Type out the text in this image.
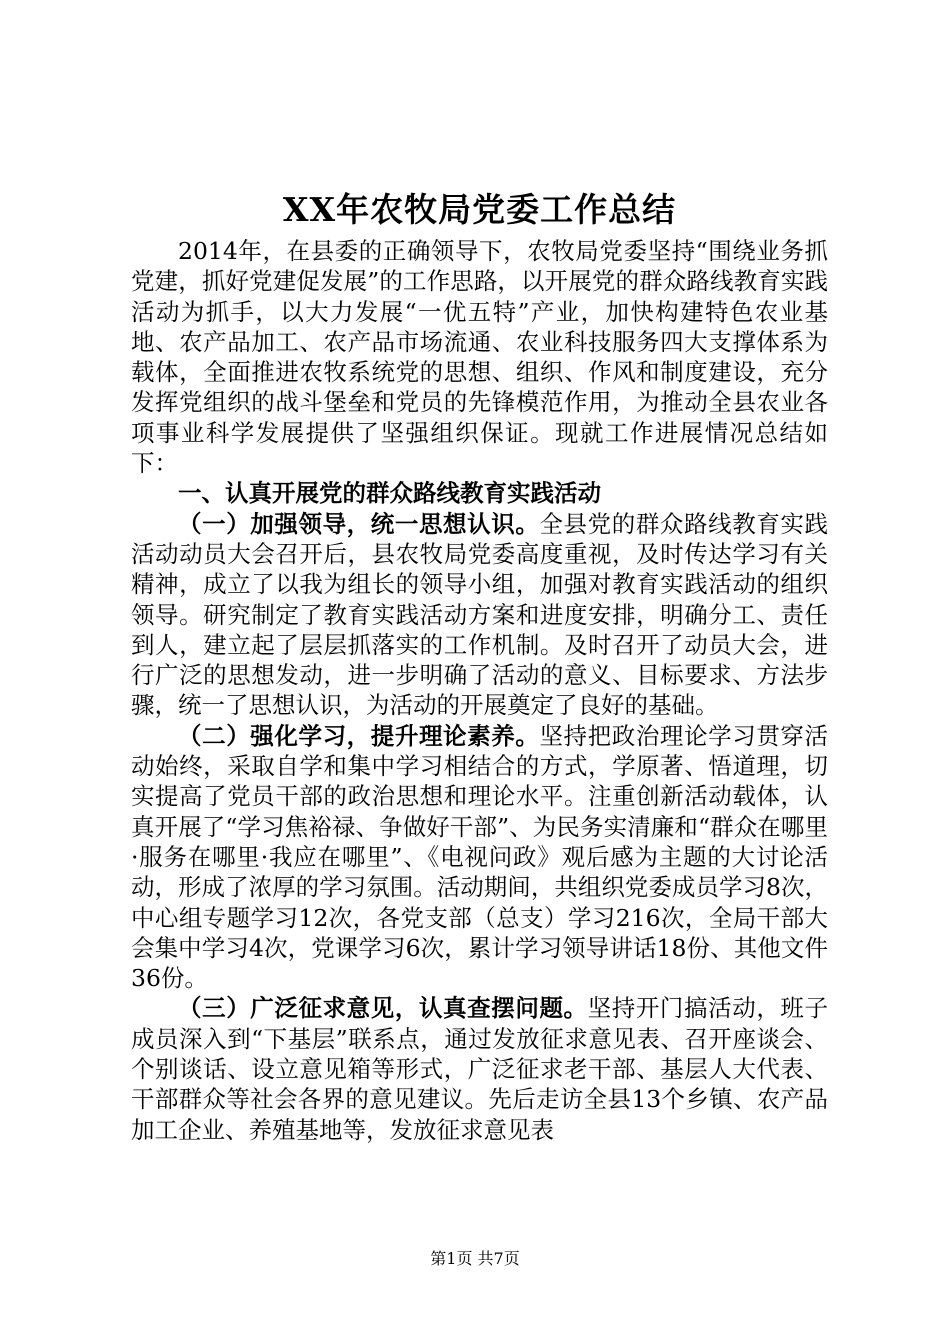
XX年农牧局党委工作总结

2014年，在县委的正确领导下，农牧局党委坚持“围绕业务抓党建，抓好党建促发展”的工作思路，以开展党的群众路线教育实践活动为抓手，以大力发展“一优五特”产业，加快构建特色农业基地、农产品加工、农产品市场流通、农业科技服务四大支撑体系为载体，全面推进农牧系统党的思想、组织、作风和制度建设，充分发挥党组织的战斗堡垒和党员的先锋模范作用，为推动全县农业各项事业科学发展提供了坚强组织保证。现就工作进展情况总结如下：

一、认真开展党的群众路线教育实践活动

（一）加强领导，统一思想认识。全县党的群众路线教育实践活动动员大会召开后，县农牧局党委高度重视，及时传达学习有关精神，成立了以我为组长的领导小组，加强对教育实践活动的组织领导。研究制定了教育实践活动方案和进度安排，明确分工、责任到人，建立起了层层抓落实的工作机制。及时召开了动员大会，进行广泛的思想发动，进一步明确了活动的意义、目标要求、方法步骤，统一了思想认识，为活动的开展奠定了良好的基础。

（二）强化学习，提升理论素养。坚持把政治理论学习贯穿活动始终，采取自学和集中学习相结合的方式，学原著、悟道理，切实提高了党员干部的政治思想和理论水平。注重创新活动载体，认真开展了“学习焦裕禄、争做好干部”、为民务实清廉和“群众在哪里·服务在哪里·我应在哪里”、《电视问政》观后感为主题的大讨论活动，形成了浓厚的学习氛围。活动期间，共组织党委成员学习8次，中心组专题学习12次，各党支部（总支）学习216次，全局干部大会集中学习4次，党课学习6次，累计学习领导讲话18份、其他文件36份。

（三）广泛征求意见，认真查摆问题。坚持开门搞活动，班子成员深入到“下基层”联系点，通过发放征求意见表、召开座谈会、个别谈话、设立意见箱等形式，广泛征求老干部、基层人大代表、干部群众等社会各界的意见建议。先后走访全县13个乡镇、农产品加工企业、养殖基地等，发放征求意见表

第1页 共7页
